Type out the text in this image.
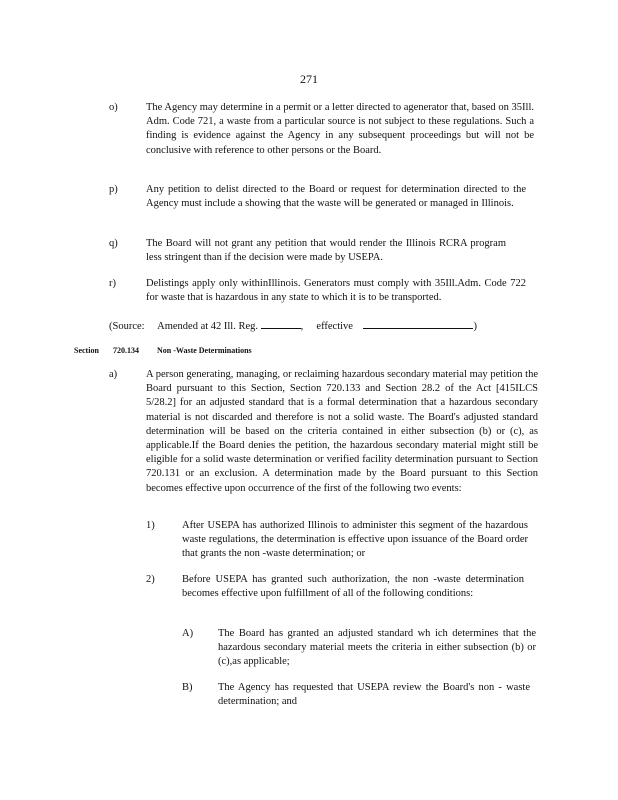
271
o)	The Agency may determine in a permit or a letter directed to agenerator that, based on 35Ill. Adm. Code 721, a waste from a particular source is not subject to these regulations. Such a finding is evidence against the Agency in any subsequent proceedings but will not be conclusive with reference to other persons or the Board.
p)	Any petition to delist directed to the Board or request for determination directed to the Agency must include a showing that the waste will be generated or managed in Illinois.
q)	The Board will not grant any petition that would render the Illinois RCRA program less stringent than if the decision were made by USEPA.
r)	Delistings apply only withinIllinois. Generators must comply with 35Ill.Adm. Code 722 for waste that is hazardous in any state to which it is to be transported.
(Source: Amended at 42 Ill. Reg.	, effective	)
Section 720.134 Non -Waste Determinations
a)	A person generating, managing, or reclaiming hazardous secondary material may petition the Board pursuant to this Section, Section 720.133 and Section 28.2 of the Act [415ILCS 5/28.2] for an adjusted standard that is a formal determination that a hazardous secondary material is not discarded and therefore is not a solid waste. The Board's adjusted standard determination will be based on the criteria contained in either subsection (b) or (c), as applicable.If the Board denies the petition, the hazardous secondary material might still be eligible for a solid waste determination or verified facility determination pursuant to Section 720.131 or an exclusion. A determination made by the Board pursuant to this Section becomes effective upon occurrence of the first of the following two events:
1)	After USEPA has authorized Illinois to administer this segment of the hazardous waste regulations, the determination is effective upon issuance of the Board order that grants the non -waste determination; or
2)	Before USEPA has granted such authorization, the non -waste determination becomes effective upon fulfillment of all of the following conditions:
A) The Board has granted an adjusted standard wh ich determines that the hazardous secondary material meets the criteria in either subsection (b) or (c),as applicable;
B) The Agency has requested that USEPA review the Board's non - waste determination; and
